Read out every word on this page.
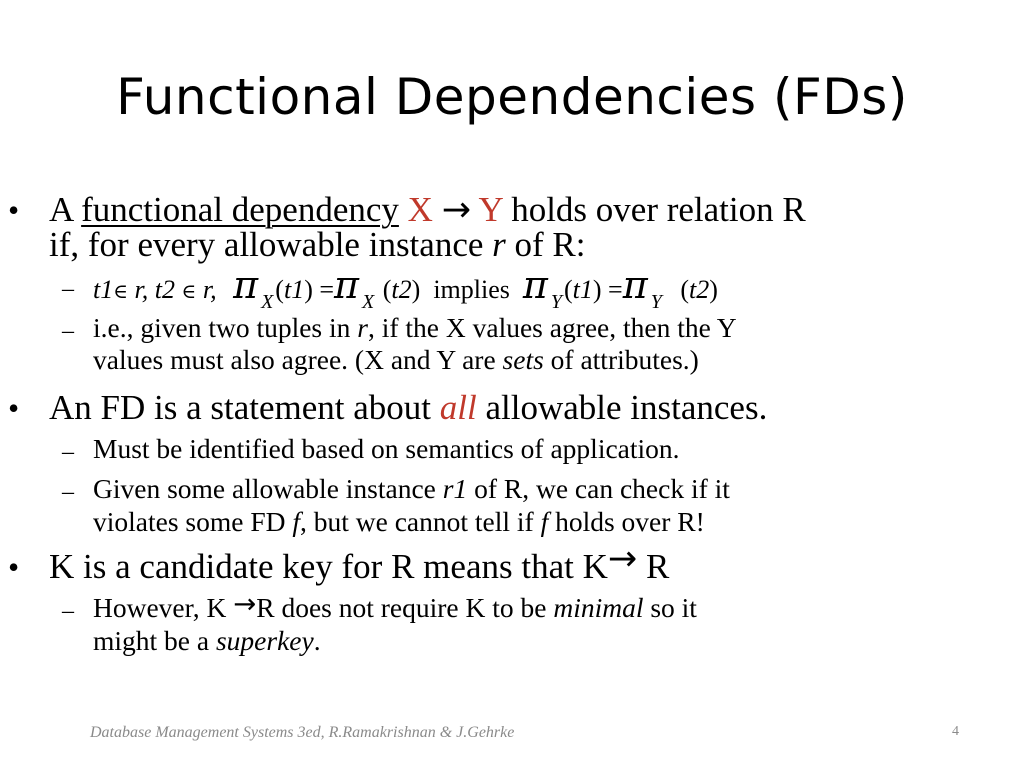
Functional Dependencies (FDs)
• A functional dependency X → Y holds over relation R
if, for every allowable instance r of R:
– t1∈ r, t2 ∈ r, π $_X$(t1) =π $_X$ (t2)  implies  π $_Y$(t1) =π $_Y$ (t2)
– i.e., given two tuples in r, if the X values agree, then the Y
values must also agree. (X and Y are sets of attributes.)
• An FD is a statement about all allowable instances.
– Must be identified based on semantics of application.
– Given some allowable instance r1 of R, we can check if it
violates some FD f, but we cannot tell if f holds over R!
• K is a candidate key for R means that K→ R
– However, K →R does not require K to be minimal so it
might be a superkey.
Database Management Systems 3ed, R.Ramakrishnan & J.Gehrke	4
